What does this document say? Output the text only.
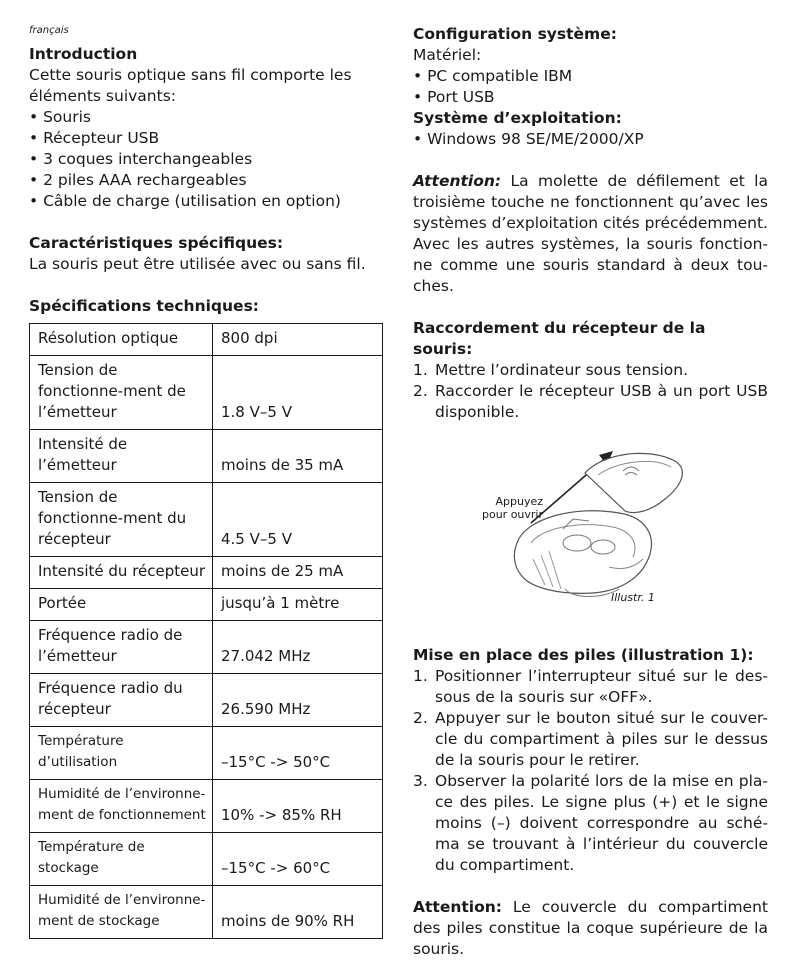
français

Introduction

Cette souris optique sans fil comporte les éléments suivants:

• Souris
• Récepteur USB
• 3 coques interchangeables
• 2 piles AAA rechargeables
• Câble de charge (utilisation en option)

Caractéristiques spécifiques:

La souris peut être utilisée avec ou sans fil.

Spécifications techniques:

Résolution optique	800 dpi
Tension de fonctionne-ment de l’émetteur	1.8 V–5 V
Intensité de l’émetteur	moins de 35 mA
Tension de fonctionne-ment du récepteur	4.5 V–5 V
Intensité du récepteur	moins de 25 mA
Portée	jusqu’à 1 mètre
Fréquence radio de l’émetteur	27.042 MHz
Fréquence radio du récepteur	26.590 MHz
Température d’utilisation	–15°C -> 50°C
Humidité de l’environne-ment de fonctionnement	10% -> 85% RH
Température de stockage	–15°C -> 60°C
Humidité de l’environne-ment de stockage	moins de 90% RH

Configuration système:

Matériel:

• PC compatible IBM
• Port USB

Système d’exploitation:

• Windows 98 SE/ME/2000/XP

Attention: La molette de défilement et la troisième touche ne fonctionnent qu’avec les systèmes d’exploitation cités précédemment. Avec les autres systèmes, la souris fonction-ne comme une souris standard à deux tou-ches.

Raccordement du récepteur de la souris:

1. Mettre l’ordinateur sous tension.
2. Raccorder le récepteur USB à un port USB disponible.
Appuyez pour ouvrir
Illustr. 1

Mise en place des piles (illustration 1):

1. Positionner l’interrupteur situé sur le des-sous de la souris sur «OFF».
2. Appuyer sur le bouton situé sur le couver-cle du compartiment à piles sur le dessus de la souris pour le retirer.
3. Observer la polarité lors de la mise en pla-ce des piles. Le signe plus (+) et le signe moins (–) doivent correspondre au sché-ma se trouvant à l’intérieur du couvercle du compartiment.

Attention: Le couvercle du compartiment des piles constitue la coque supérieure de la souris.
